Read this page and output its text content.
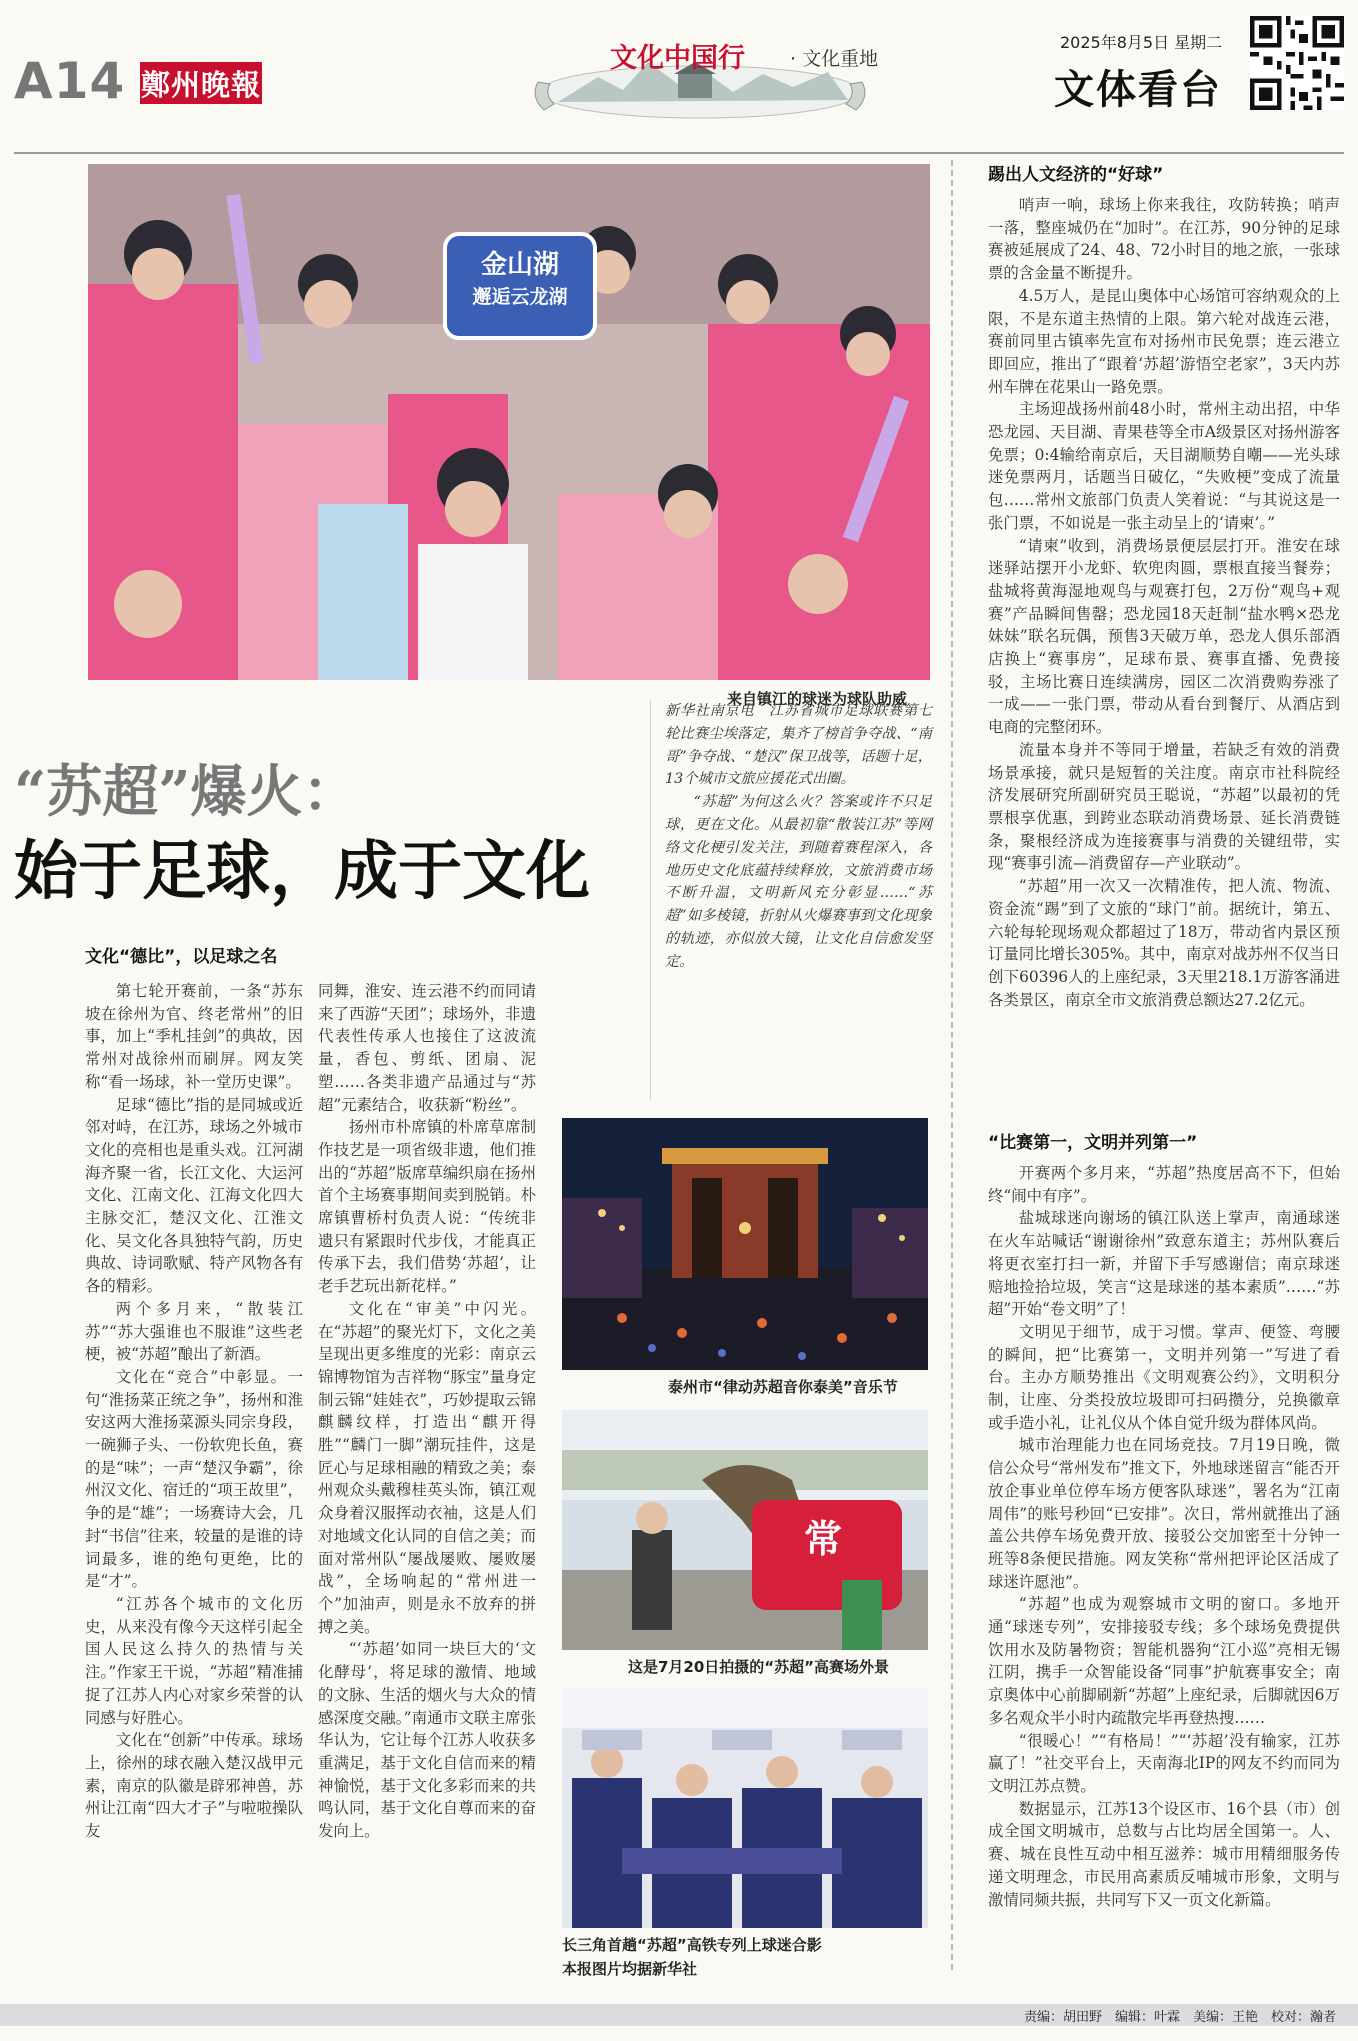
A14 鄭州晚報
文化中国行 · 文化重地
2025年8月5日 星期二
文体看台
金山湖
邂逅云龙湖
来自镇江的球迷为球队助威
“苏超”爆火：
始于足球，成于文化

新华社南京电　江苏省城市足球联赛第七轮比赛尘埃落定，集齐了榜首争夺战、“南哥”争夺战、“楚汉”保卫战等，话题十足，13个城市文旅应援花式出圈。

“苏超”为何这么火？答案或许不只足球，更在文化。从最初靠“散装江苏”等网络文化梗引发关注，到随着赛程深入，各地历史文化底蕴持续释放，文旅消费市场不断升温，文明新风充分彰显……“苏超”如多棱镜，折射从火爆赛事到文化现象的轨迹，亦似放大镜，让文化自信愈发坚定。

文化“德比”，以足球之名

第七轮开赛前，一条“苏东坡在徐州为官、终老常州”的旧事，加上“季札挂剑”的典故，因常州对战徐州而刷屏。网友笑称“看一场球，补一堂历史课”。

足球“德比”指的是同城或近邻对峙，在江苏，球场之外城市文化的亮相也是重头戏。江河湖海齐聚一省，长江文化、大运河文化、江南文化、江海文化四大主脉交汇，楚汉文化、江淮文化、吴文化各具独特气韵，历史典故、诗词歌赋、特产风物各有各的精彩。

两个多月来，“散装江苏”“苏大强谁也不服谁”这些老梗，被“苏超”酿出了新酒。

文化在“竞合”中彰显。一句“淮扬菜正统之争”，扬州和淮安这两大淮扬菜源头同宗身段，一碗狮子头、一份软兜长鱼，赛的是“味”；一声“楚汉争霸”，徐州汉文化、宿迁的“项王故里”，争的是“雄”；一场赛诗大会，几封“书信”往来，较量的是谁的诗词最多，谁的绝句更绝，比的是“才”。

“江苏各个城市的文化历史，从来没有像今天这样引起全国人民这么持久的热情与关注。”作家王干说，“苏超”精准捕捉了江苏人内心对家乡荣誉的认同感与好胜心。

文化在“创新”中传承。球场上，徐州的球衣融入楚汉战甲元素，南京的队徽是辟邪神兽，苏州让江南“四大才子”与啦啦操队友

同舞，淮安、连云港不约而同请来了西游“天团”；球场外，非遗代表性传承人也接住了这波流量，香包、剪纸、团扇、泥塑……各类非遗产品通过与“苏超”元素结合，收获新“粉丝”。

扬州市朴席镇的朴席草席制作技艺是一项省级非遗，他们推出的“苏超”版席草编织扇在扬州首个主场赛事期间卖到脱销。朴席镇曹桥村负责人说：“传统非遗只有紧跟时代步伐，才能真正传承下去，我们借势‘苏超’，让老手艺玩出新花样。”

文化在“审美”中闪光。在“苏超”的聚光灯下，文化之美呈现出更多维度的光彩：南京云锦博物馆为吉祥物“豚宝”量身定制云锦“娃娃衣”，巧妙提取云锦麒麟纹样，打造出“麒开得胜”“麟门一脚”潮玩挂件，这是匠心与足球相融的精致之美；泰州观众头戴穆桂英头饰，镇江观众身着汉服挥动衣袖，这是人们对地域文化认同的自信之美；而面对常州队“屡战屡败、屡败屡战”，全场响起的“常州进一个”加油声，则是永不放弃的拼搏之美。

“‘苏超’如同一块巨大的‘文化酵母’，将足球的激情、地域的文脉、生活的烟火与大众的情感深度交融。”南通市文联主席张华认为，它让每个江苏人收获多重满足，基于文化自信而来的精神愉悦，基于文化多彩而来的共鸣认同，基于文化自尊而来的奋发向上。

泰州市“律动苏超音你泰美”音乐节
常
这是7月20日拍摄的“苏超”高赛场外景
长三角首趟“苏超”高铁专列上球迷合影
本报图片均据新华社
踢出人文经济的“好球”

哨声一响，球场上你来我往，攻防转换；哨声一落，整座城仍在“加时”。在江苏，90分钟的足球赛被延展成了24、48、72小时目的地之旅，一张球票的含金量不断提升。

4.5万人，是昆山奥体中心场馆可容纳观众的上限，不是东道主热情的上限。第六轮对战连云港，赛前同里古镇率先宣布对扬州市民免票；连云港立即回应，推出了“跟着‘苏超’游悟空老家”，3天内苏州车牌在花果山一路免票。

主场迎战扬州前48小时，常州主动出招，中华恐龙园、天目湖、青果巷等全市A级景区对扬州游客免票；0:4输给南京后，天目湖顺势自嘲——光头球迷免票两月，话题当日破亿，“失败梗”变成了流量包……常州文旅部门负责人笑着说：“与其说这是一张门票，不如说是一张主动呈上的‘请柬’。”

“请柬”收到，消费场景便层层打开。淮安在球迷驿站摆开小龙虾、软兜肉圆，票根直接当餐券；盐城将黄海湿地观鸟与观赛打包，2万份“观鸟+观赛”产品瞬间售罄；恐龙园18天赶制“盐水鸭×恐龙妹妹”联名玩偶，预售3天破万单，恐龙人俱乐部酒店换上“赛事房”，足球布景、赛事直播、免费接驳，主场比赛日连续满房，园区二次消费购券涨了一成——一张门票，带动从看台到餐厅、从酒店到电商的完整闭环。

流量本身并不等同于增量，若缺乏有效的消费场景承接，就只是短暂的关注度。南京市社科院经济发展研究所副研究员王聪说，“苏超”以最初的凭票根享优惠，到跨业态联动消费场景、延长消费链条，聚根经济成为连接赛事与消费的关键纽带，实现“赛事引流—消费留存—产业联动”。

“苏超”用一次又一次精准传，把人流、物流、资金流“踢”到了文旅的“球门”前。据统计，第五、六轮每轮现场观众都超过了18万，带动省内景区预订量同比增长305%。其中，南京对战苏州不仅当日创下60396人的上座纪录，3天里218.1万游客涌进各类景区，南京全市文旅消费总额达27.2亿元。

“比赛第一，文明并列第一”

开赛两个多月来，“苏超”热度居高不下，但始终“闹中有序”。

盐城球迷向谢场的镇江队送上掌声，南通球迷在火车站喊话“谢谢徐州”致意东道主；苏州队赛后将更衣室打扫一新，并留下手写感谢信；南京球迷赔地捡拾垃圾，笑言“这是球迷的基本素质”……“苏超”开始“卷文明”了！

文明见于细节，成于习惯。掌声、便签、弯腰的瞬间，把“比赛第一，文明并列第一”写进了看台。主办方顺势推出《文明观赛公约》，文明积分制，让座、分类投放垃圾即可扫码攒分，兑换徽章或手造小礼，让礼仪从个体自觉升级为群体风尚。

城市治理能力也在同场竞技。7月19日晚，微信公众号“常州发布”推文下，外地球迷留言“能否开放企事业单位停车场方便客队球迷”，署名为“江南周伟”的账号秒回“已安排”。次日，常州就推出了涵盖公共停车场免费开放、接驳公交加密至十分钟一班等8条便民措施。网友笑称“常州把评论区活成了球迷许愿池”。

“苏超”也成为观察城市文明的窗口。多地开通“球迷专列”，安排接驳专线；多个球场免费提供饮用水及防暑物资；智能机器狗“江小巡”亮相无锡江阴，携手一众智能设备“同事”护航赛事安全；南京奥体中心前脚刷新“苏超”上座纪录，后脚就因6万多名观众半小时内疏散完毕再登热搜……

“很暖心！”“有格局！”“‘苏超’没有输家，江苏赢了！”社交平台上，天南海北IP的网友不约而同为文明江苏点赞。

数据显示，江苏13个设区市、16个县（市）创成全国文明城市，总数与占比均居全国第一。人、赛、城在良性互动中相互滋养：城市用精细服务传递文明理念，市民用高素质反哺城市形象，文明与激情同频共振，共同写下又一页文化新篇。

责编：胡田野　编辑：叶霖　美编：王艳　校对：瀚者
